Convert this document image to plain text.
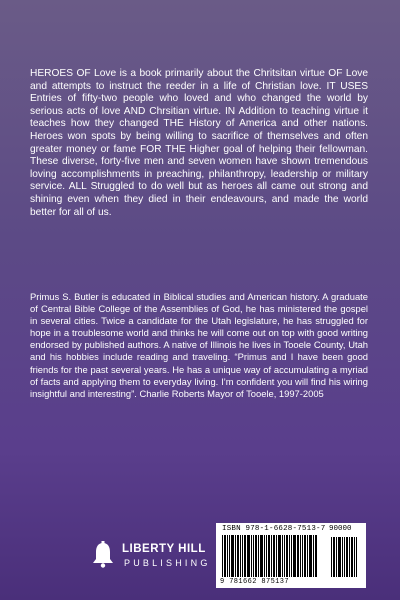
HEROES OF Love is a book primarily about the Chritsitan virtue OF Love and attempts to instruct the reeder in a life of Christian love. IT USES Entries of fifty-two people who loved and who changed the world by serious acts of love AND Chrsitian virtue. IN Addition to teaching virtue it teaches how they changed THE History of America and other nations. Heroes won spots by being willing to sacrifice of themselves and often greater money or fame FOR THE Higher goal of helping their fellowman. These diverse, forty-five men and seven women have shown tremendous loving accomplishments in preaching, philanthropy, leadership or military service. ALL Struggled to do well but as heroes all came out strong and shining even when they died in their endeavours, and made the world better for all of us.

Primus S. Butler is educated in Biblical studies and American history. A graduate of Central Bible College of the Assemblies of God, he has ministered the gospel in several cities. Twice a candidate for the Utah legislature, he has struggled for hope in a troublesome world and thinks he will come out on top with good writing endorsed by published authors. A native of Illinois he lives in Tooele County, Utah and his hobbies include reading and traveling. “Primus and I have been good friends for the past several years. He has a unique way of accumulating a myriad of facts and applying them to everyday living. I’m confident you will find his wiring insightful and interesting”. Charlie Roberts Mayor of Tooele, 1997-2005

LIBERTY HILL
PUBLISHING
ISBN 978-1-6628-7513-7
9 781662 875137
90000
